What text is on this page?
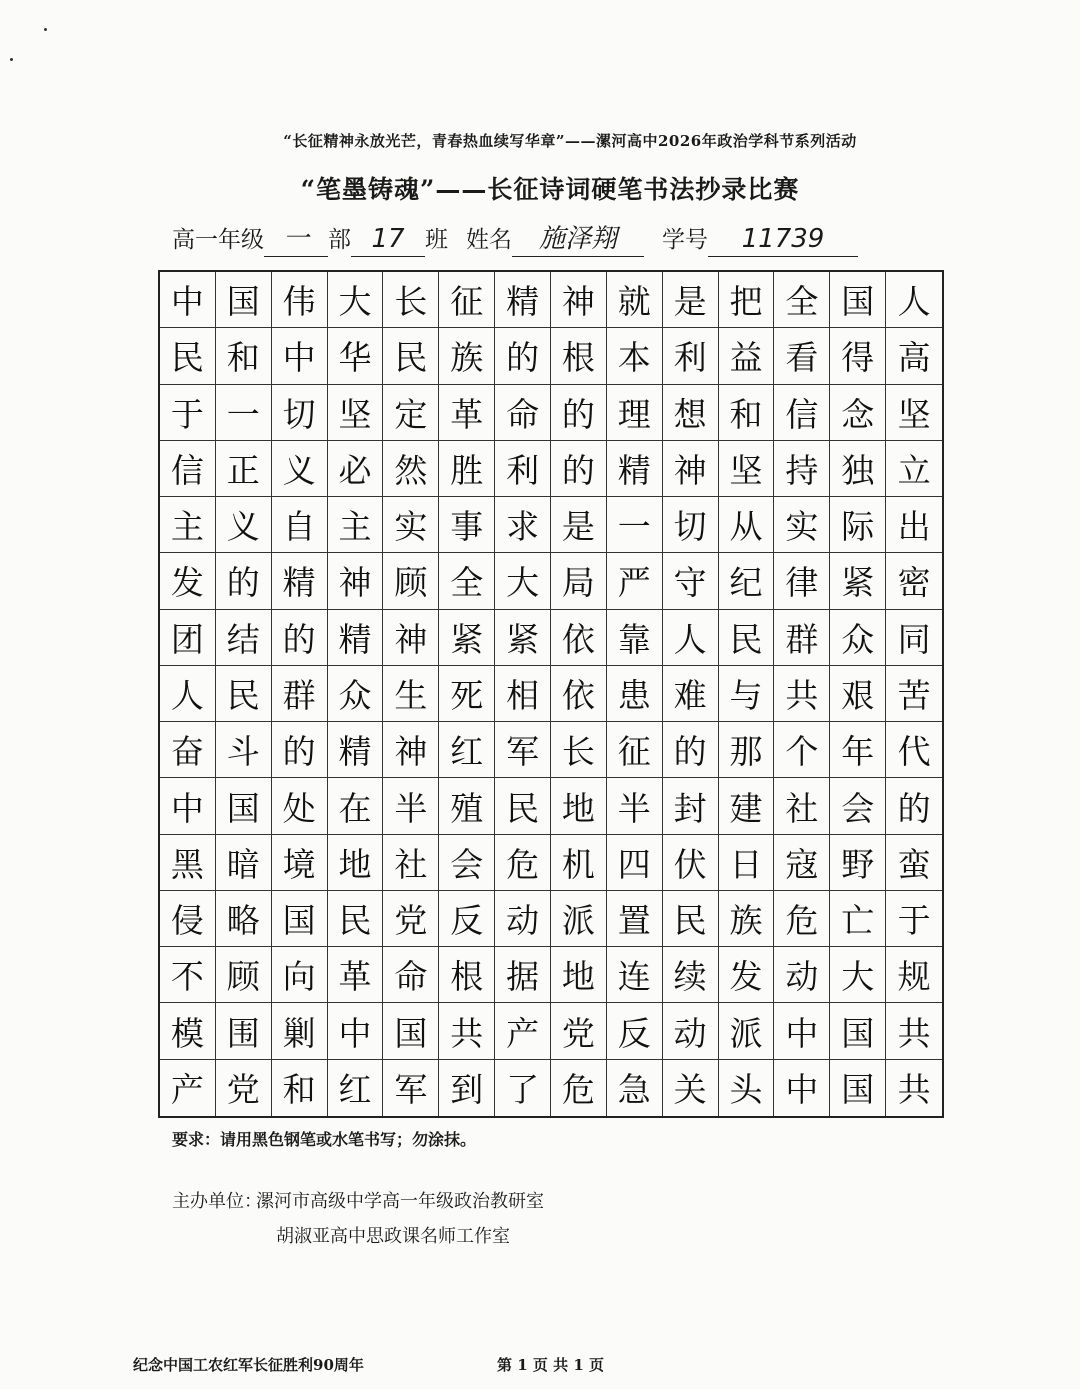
“长征精神永放光芒，青春热血续写华章”——漯河高中2026年政治学科节系列活动
“笔墨铸魂”——长征诗词硬笔书法抄录比赛
高一年级 一 部 17 班 姓名 施泽翔 学号 11739
中 国 伟 大 长 征 精 神 就 是 把 全 国 人
民 和 中 华 民 族 的 根 本 利 益 看 得 高
于 一 切 坚 定 革 命 的 理 想 和 信 念 坚
信 正 义 必 然 胜 利 的 精 神 坚 持 独 立
主 义 自 主 实 事 求 是 一 切 从 实 际 出
发 的 精 神 顾 全 大 局 严 守 纪 律 紧 密
团 结 的 精 神 紧 紧 依 靠 人 民 群 众 同
人 民 群 众 生 死 相 依 患 难 与 共 艰 苦
奋 斗 的 精 神 红 军 长 征 的 那 个 年 代
中 国 处 在 半 殖 民 地 半 封 建 社 会 的
黑 暗 境 地 社 会 危 机 四 伏 日 寇 野 蛮
侵 略 国 民 党 反 动 派 置 民 族 危 亡 于
不 顾 向 革 命 根 据 地 连 续 发 动 大 规
模 围 剿 中 国 共 产 党 反 动 派 中 国 共
产 党 和 红 军 到 了 危 急 关 头 中 国 共
要求：请用黑色钢笔或水笔书写；勿涂抹。
主办单位：
漯河市高级中学高一年级政治教研室
胡淑亚高中思政课名师工作室
纪念中国工农红军长征胜利90周年	第 1 页 共 1 页
